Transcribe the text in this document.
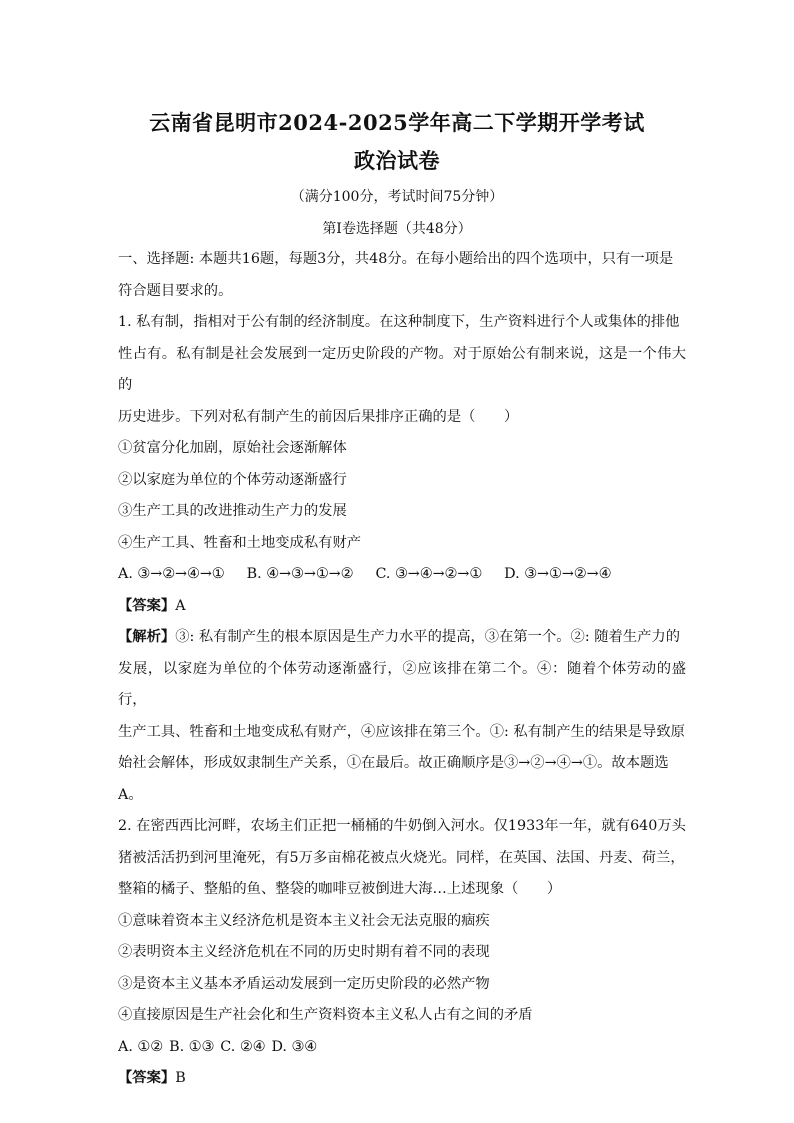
云南省昆明市2024-2025学年高二下学期开学考试
政治试卷
（满分100分，考试时间75分钟）
第Ⅰ卷选择题（共48分）

一、选择题: 本题共16题，每题3分，共48分。在每小题给出的四个选项中，只有一项是

符合题目要求的。

1. 私有制，指相对于公有制的经济制度。在这种制度下，生产资料进行个人或集体的排他

性占有。私有制是社会发展到一定历史阶段的产物。对于原始公有制来说，这是一个伟大的

历史进步。下列对私有制产生的前因后果排序正确的是（　　）

①贫富分化加剧，原始社会逐渐解体

②以家庭为单位的个体劳动逐渐盛行

③生产工具的改进推动生产力的发展

④生产工具、牲畜和土地变成私有财产

A. ③→②→④→① B. ④→③→①→② C. ③→④→②→① D. ③→①→②→④

【答案】A

【解析】③: 私有制产生的根本原因是生产力水平的提高，③在第一个。②: 随着生产力的

发展，以家庭为单位的个体劳动逐渐盛行，②应该排在第二个。④：随着个体劳动的盛行，

生产工具、牲畜和土地变成私有财产，④应该排在第三个。①: 私有制产生的结果是导致原

始社会解体，形成奴隶制生产关系，①在最后。故正确顺序是③→②→④→①。故本题选

A。

2. 在密西西比河畔，农场主们正把一桶桶的牛奶倒入河水。仅1933年一年，就有640万头

猪被活活扔到河里淹死，有5万多亩棉花被点火烧光。同样，在英国、法国、丹麦、荷兰，

整箱的橘子、整船的鱼、整袋的咖啡豆被倒进大海…上述现象（　　）

①意味着资本主义经济危机是资本主义社会无法克服的痼疾

②表明资本主义经济危机在不同的历史时期有着不同的表现

③是资本主义基本矛盾运动发展到一定历史阶段的必然产物

④直接原因是生产社会化和生产资料资本主义私人占有之间的矛盾

A. ①② B. ①③ C. ②④ D. ③④

【答案】B
